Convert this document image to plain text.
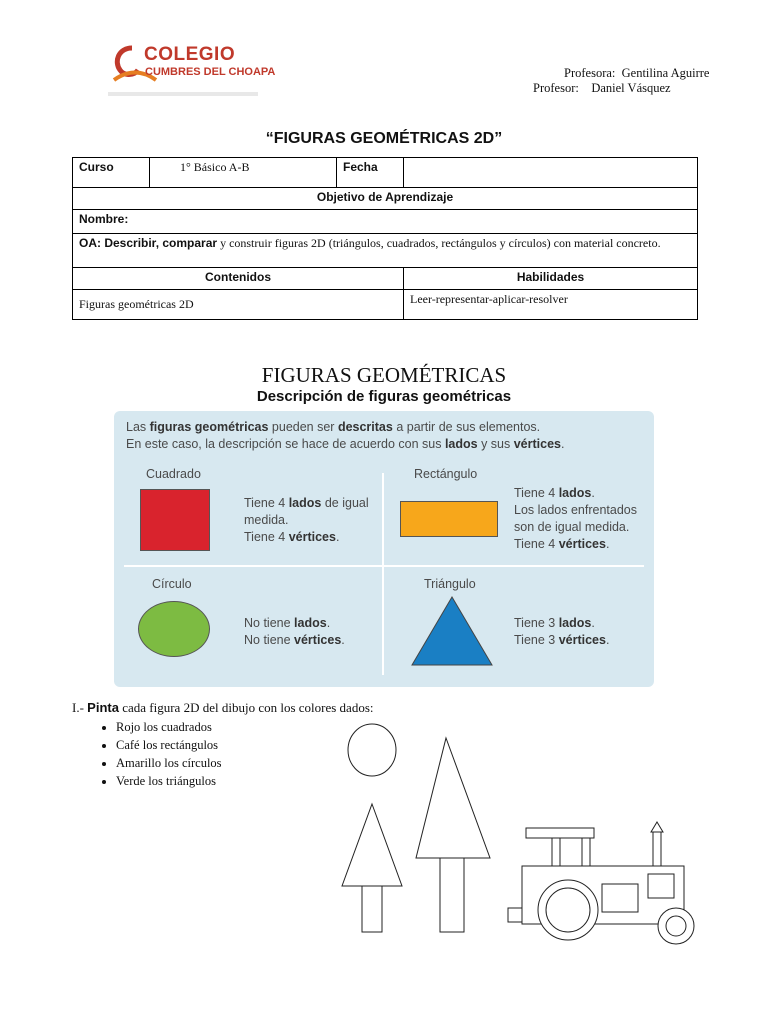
COLEGIO
CUMBRES DEL CHOAPA	Profesora:  Gentilina Aguirre
Profesor:    Daniel Vásquez
“FIGURAS GEOMÉTRICAS 2D”
Curso	1° Básico A-B	Fecha	
Objetivo de Aprendizaje			
Nombre:			
OA: Describir, comparar y construir figuras 2D (triángulos, cuadrados, rectángulos y círculos) con material concreto.			
Contenidos			Habilidades
Figuras geométricas 2D			Leer-representar-aplicar-resolver
FIGURAS GEOMÉTRICAS
Descripción de figuras geométricas
Las figuras geométricas pueden ser descritas a partir de sus elementos.
En este caso, la descripción se hace de acuerdo con sus lados y sus vértices.
Cuadrado
Tiene 4 lados de igual
medida.
Tiene 4 vértices.
Rectángulo
Tiene 4 lados.
Los lados enfrentados
son de igual medida.
Tiene 4 vértices.
Círculo
No tiene lados.
No tiene vértices.
Triángulo
Tiene 3 lados.
Tiene 3 vértices.
I.- Pinta cada figura 2D del dibujo con los colores dados:
• Rojo los cuadrados
• Café los rectángulos
• Amarillo los círculos
• Verde los triángulos
